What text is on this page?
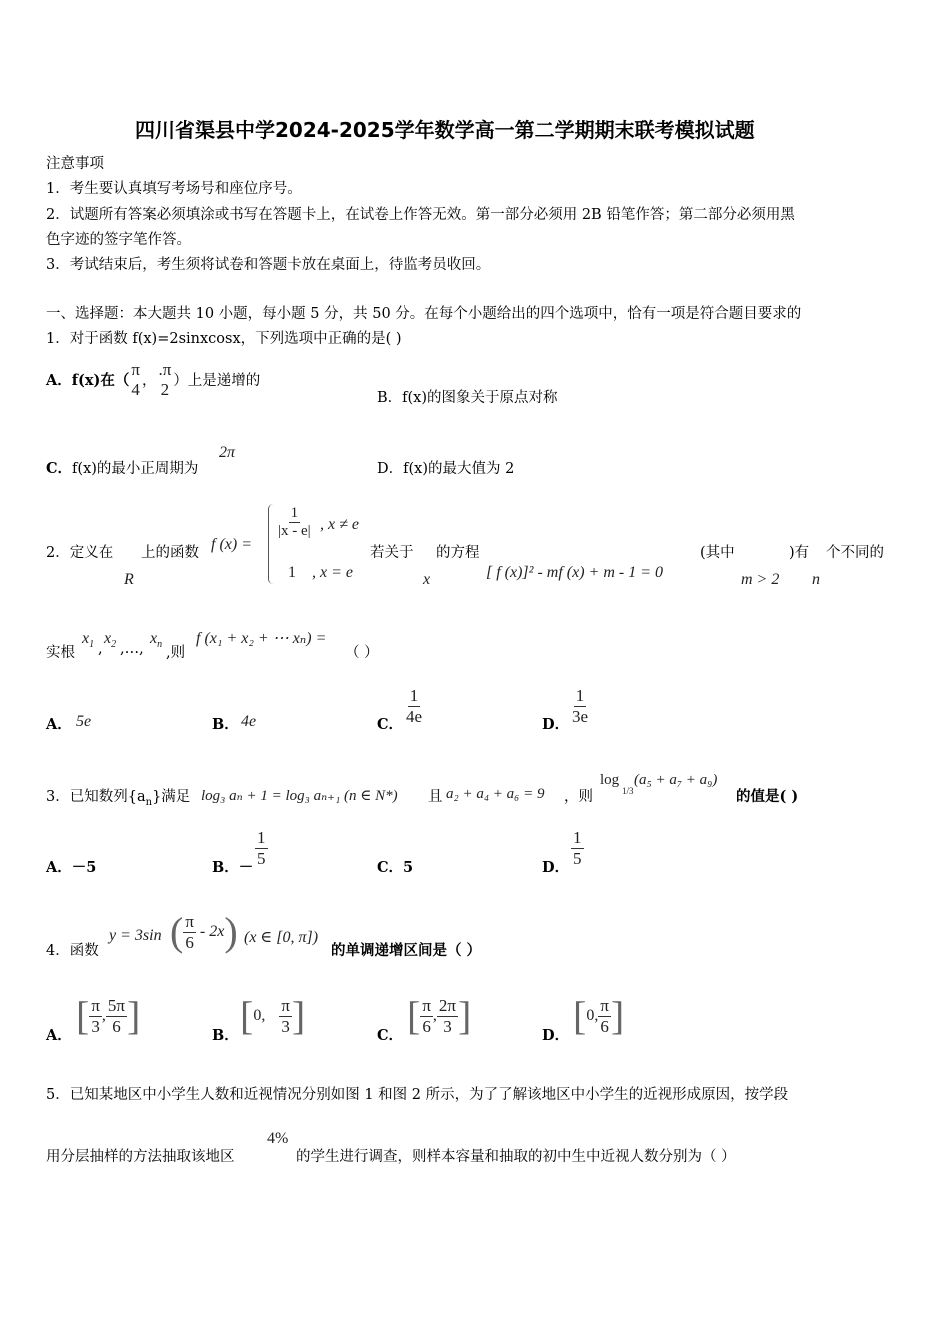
四川省渠县中学2024-2025学年数学高一第二学期期末联考模拟试题
注意事项
1．考生要认真填写考场号和座位序号。
2．试题所有答案必须填涂或书写在答题卡上，在试卷上作答无效。第一部分必须用 2B 铅笔作答；第二部分必须用黑
色字迹的签字笔作答。
3．考试结束后，考生须将试卷和答题卡放在桌面上，待监考员收回。
一、选择题：本大题共 10 小题，每小题 5 分，共 50 分。在每个小题给出的四个选项中，恰有一项是符合题目要求的
1．对于函数 f(x)=2sinxcosx，下列选项中正确的是( )
A． f(x)在（
π
4 ，
.π
2 ）上是递增的
B．f(x)的图象关于原点对称
C．f(x)的最小正周期为
2π
D．f(x)的最大值为 2
2．定义在
R
上的函数 f (x) =
$\frac{1}{|x - e|}$ , x ≠ e
1 , x = e
若关于
x
的方程
[ f (x)]² - mf (x) + m - 1 = 0
(其中
m > 2
)有
n
个不同的
实根
$x_1$ ,
$x_2$ ,…,
$x_n$
,则
f (x₁ + x₂ + ⋯ xₙ) =
（ ）
A． 5e	B． 4e	C． $\frac{1}{4e}$	D． $\frac{1}{3e}$
3．已知数列$\{a_n\}$满足 log₃ aₙ + 1 = log₃ aₙ₊₁ (n ∈ N*) 且 a₂ + a₄ + a₆ = 9 ，则
log
1/3
(a₅ + a₇ + a₉)
的值是( )
A．－5	B．－ $\frac{1}{5}$	C．5	D． $\frac{1}{5}$
4．函数
y = 3sin ( $\frac{\pi}{6} - 2x$ ) (x ∈ [0, π])
的单调递增区间是（ ）
A． [ $\frac{\pi}{3}$ , $\frac{5\pi}{6}$ ]	B． [ 0, $\frac{\pi}{3}$ ]	C． [ $\frac{\pi}{6}$ , $\frac{2\pi}{3}$ ]	D． [ 0, $\frac{\pi}{6}$ ]
5．已知某地区中小学生人数和近视情况分别如图 1 和图 2 所示，为了了解该地区中小学生的近视形成原因，按学段
用分层抽样的方法抽取该地区
4%
的学生进行调查，则样本容量和抽取的初中生中近视人数分别为（ ）
